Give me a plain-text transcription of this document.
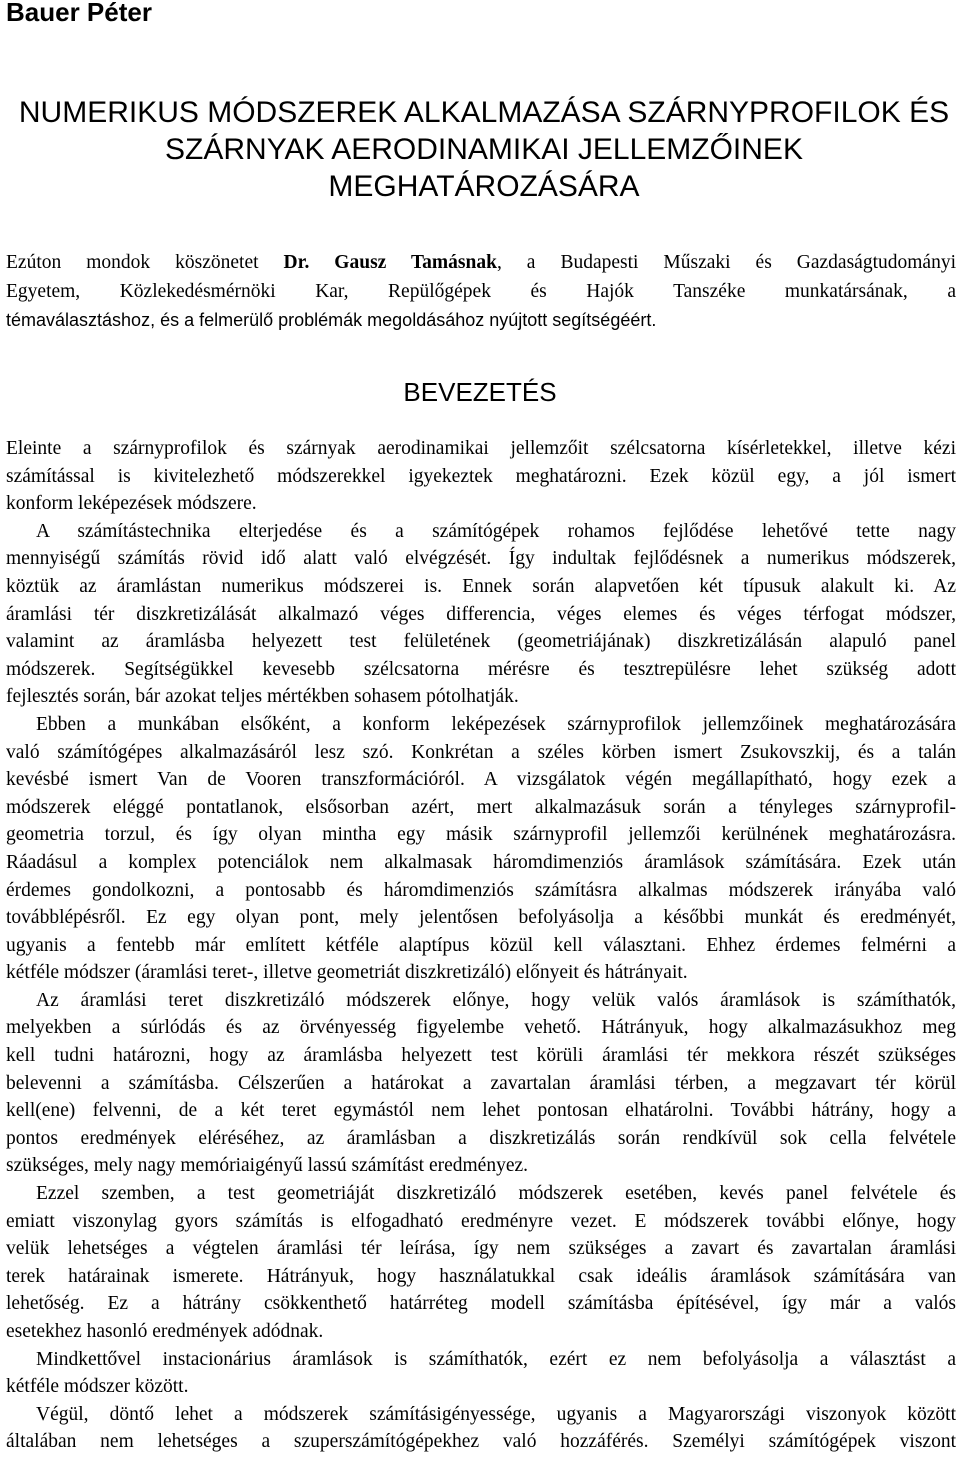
Bauer Péter
NUMERIKUS MÓDSZEREK ALKALMAZÁSA SZÁRNYPROFILOK ÉS
SZÁRNYAK AERODINAMIKAI JELLEMZŐINEK
MEGHATÁROZÁSÁRA
Ezúton mondok köszönetet Dr. Gausz Tamásnak, a Budapesti Műszaki és Gazdaságtudományi
Egyetem, Közlekedésmérnöki Kar, Repülőgépek és Hajók Tanszéke munkatársának, a
témaválasztáshoz, és a felmerülő problémák megoldásához nyújtott segítségéért.
BEVEZETÉS
Eleinte a szárnyprofilok és szárnyak aerodinamikai jellemzőit szélcsatorna kísérletekkel, illetve kézi
számítással is kivitelezhető módszerekkel igyekeztek meghatározni. Ezek közül egy, a jól ismert
konform leképezések módszere.
A számítástechnika elterjedése és a számítógépek rohamos fejlődése lehetővé tette nagy
mennyiségű számítás rövid idő alatt való elvégzését. Így indultak fejlődésnek a numerikus módszerek,
köztük az áramlástan numerikus módszerei is. Ennek során alapvetően két típusuk alakult ki. Az
áramlási tér diszkretizálását alkalmazó véges differencia, véges elemes és véges térfogat módszer,
valamint az áramlásba helyezett test felületének (geometriájának) diszkretizálásán alapuló panel
módszerek. Segítségükkel kevesebb szélcsatorna mérésre és tesztrepülésre lehet szükség adott
fejlesztés során, bár azokat teljes mértékben sohasem pótolhatják.
Ebben a munkában elsőként, a konform leképezések szárnyprofilok jellemzőinek meghatározására
való számítógépes alkalmazásáról lesz szó. Konkrétan a széles körben ismert Zsukovszkij, és a talán
kevésbé ismert Van de Vooren transzformációról. A vizsgálatok végén megállapítható, hogy ezek a
módszerek eléggé pontatlanok, elsősorban azért, mert alkalmazásuk során a tényleges szárnyprofil-
geometria torzul, és így olyan mintha egy másik szárnyprofil jellemzői kerülnének meghatározásra.
Ráadásul a komplex potenciálok nem alkalmasak háromdimenziós áramlások számítására. Ezek után
érdemes gondolkozni, a pontosabb és háromdimenziós számításra alkalmas módszerek irányába való
továbblépésről. Ez egy olyan pont, mely jelentősen befolyásolja a későbbi munkát és eredményét,
ugyanis a fentebb már említett kétféle alaptípus közül kell választani. Ehhez érdemes felmérni a
kétféle módszer (áramlási teret-, illetve geometriát diszkretizáló) előnyeit és hátrányait.
Az áramlási teret diszkretizáló módszerek előnye, hogy velük valós áramlások is számíthatók,
melyekben a súrlódás és az örvényesség figyelembe vehető. Hátrányuk, hogy alkalmazásukhoz meg
kell tudni határozni, hogy az áramlásba helyezett test körüli áramlási tér mekkora részét szükséges
belevenni a számításba. Célszerűen a határokat a zavartalan áramlási térben, a megzavart tér körül
kell(ene) felvenni, de a két teret egymástól nem lehet pontosan elhatárolni. További hátrány, hogy a
pontos eredmények eléréséhez, az áramlásban a diszkretizálás során rendkívül sok cella felvétele
szükséges, mely nagy memóriaigényű lassú számítást eredményez.
Ezzel szemben, a test geometriáját diszkretizáló módszerek esetében, kevés panel felvétele és
emiatt viszonylag gyors számítás is elfogadható eredményre vezet. E módszerek további előnye, hogy
velük lehetséges a végtelen áramlási tér leírása, így nem szükséges a zavart és zavartalan áramlási
terek határainak ismerete. Hátrányuk, hogy használatukkal csak ideális áramlások számítására van
lehetőség. Ez a hátrány csökkenthető határréteg modell számításba építésével, így már a valós
esetekhez hasonló eredmények adódnak.
Mindkettővel instacionárius áramlások is számíthatók, ezért ez nem befolyásolja a választást a
kétféle módszer között.
Végül, döntő lehet a módszerek számításigényessége, ugyanis a Magyarországi viszonyok között
általában nem lehetséges a szuperszámítógépekhez való hozzáférés. Személyi számítógépek viszont
